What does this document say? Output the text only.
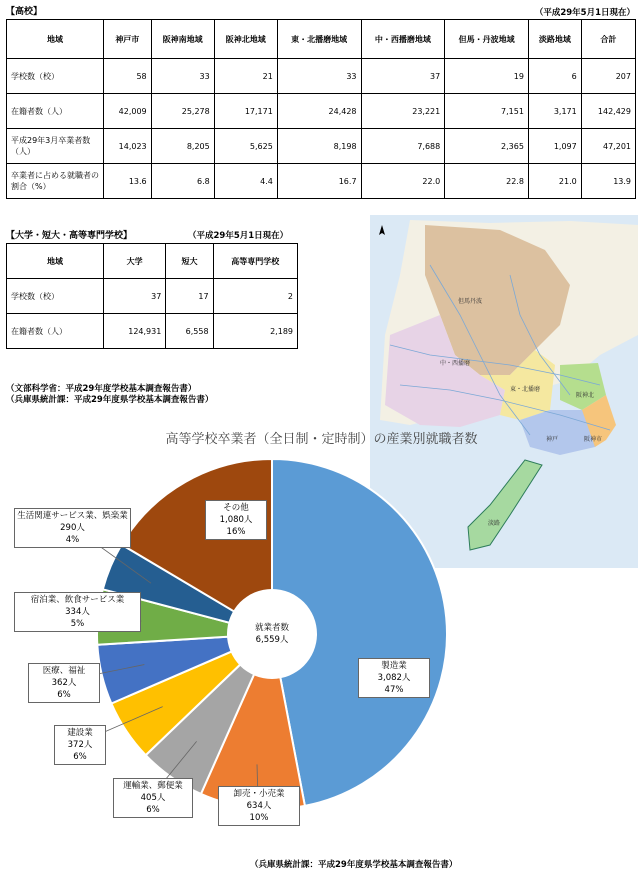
【高校】	（平成29年5月1日現在）
地域	神戸市	阪神南地域	阪神北地域	東・北播磨地域	中・西播磨地域	但馬・丹波地域	淡路地域	合計
学校数（校）	58	33	21	33	37	19	6	207
在籍者数（人）	42,009	25,278	17,171	24,428	23,221	7,151	3,171	142,429
平成29年3月卒業者数（人）	14,023	8,205	5,625	8,198	7,688	2,365	1,097	47,201
卒業者に占める就職者の割合（%）	13.6	6.8	4.4	16.7	22.0	22.8	21.0	13.9
【大学・短大・高等専門学校】	（平成29年5月1日現在）
地域	大学	短大	高等専門学校
学校数（校）	37	17	2
在籍者数（人）	124,931	6,558	2,189
（文部科学省：平成29年度学校基本調査報告書）
（兵庫県統計課：平成29年度県学校基本調査報告書）
但馬丹波
中・西播磨
東・北播磨
阪神北
神戸	阪神市
淡路
高等学校卒業者（全日制・定時制）の産業別就職者数
就業者数
6,559人
製造業
3,082人
47%
卸売・小売業
634人
10%
運輸業、郵便業
405人
6%
建設業
372人
6%
医療、福祉
362人
6%
宿泊業、飲食サービス業
334人
5%
生活関連サービス業、娯楽業
290人
4%
その他
1,080人
16%
（兵庫県統計課：平成29年度県学校基本調査報告書）
